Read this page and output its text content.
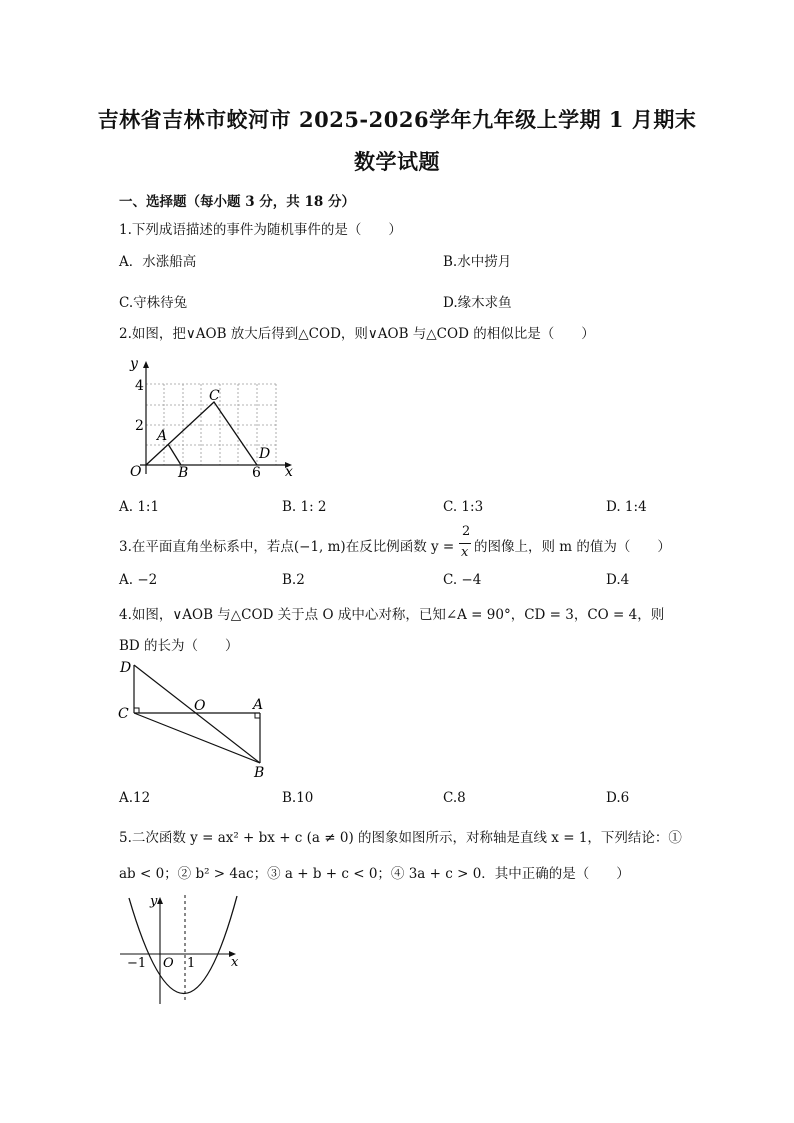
吉林省吉林市蛟河市 2025-2026学年九年级上学期 1 月期末
数学试题
一、选择题（每小题 3 分，共 18 分）
1.下列成语描述的事件为随机事件的是（　　）
A．水涨船高	B.水中捞月
C.守株待兔	D.缘木求鱼
2.如图，把∨AOB 放大后得到△COD，则∨AOB 与△COD 的相似比是（　　）
y
x
4
2
O	6
A
B
C
D
A. 1:1	B. 1: 2	C. 1:3	D. 1:4
3.在平面直角坐标系中，若点(−1, m)在反比例函数 y =
2
x 的图像上，则 m 的值为（　　）
A. −2	B.2	C. −4	D.4
4.如图，∨AOB 与△COD 关于点 O 成中心对称，已知∠A = 90°，CD = 3，CO = 4，则
BD 的长为（　　）
D
C	O	A
B
A.12	B.10	C.8	D.6
5.二次函数 y = ax² + bx + c (a ≠ 0) 的图象如图所示，对称轴是直线 x = 1，下列结论：①
ab < 0；② b² > 4ac；③ a + b + c < 0；④ 3a + c > 0．其中正确的是（　　）
y
x
O
−1	1
